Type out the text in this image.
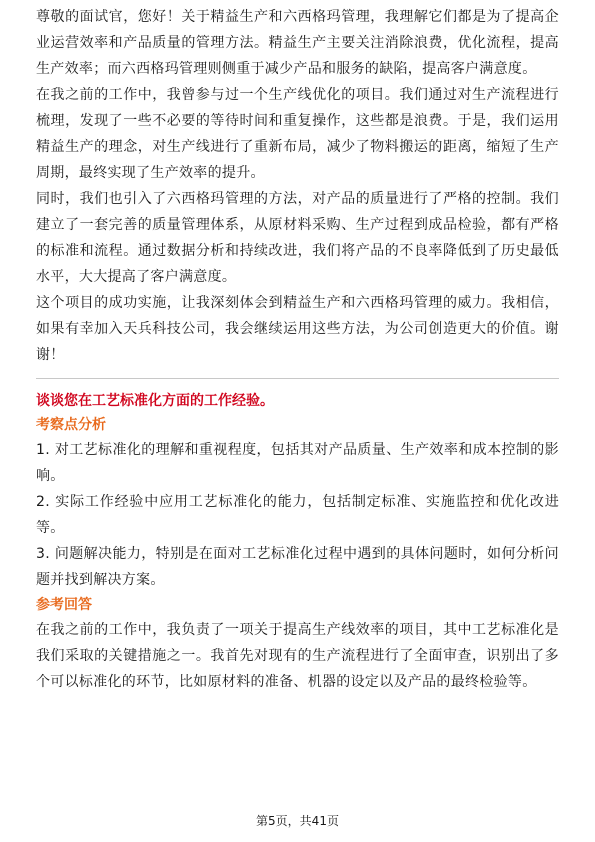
尊敬的面试官，您好！关于精益生产和六西格玛管理，我理解它们都是为了提高企业运营效率和产品质量的管理方法。精益生产主要关注消除浪费，优化流程，提高生产效率；而六西格玛管理则侧重于减少产品和服务的缺陷，提高客户满意度。

在我之前的工作中，我曾参与过一个生产线优化的项目。我们通过对生产流程进行梳理，发现了一些不必要的等待时间和重复操作，这些都是浪费。于是，我们运用精益生产的理念，对生产线进行了重新布局，减少了物料搬运的距离，缩短了生产周期，最终实现了生产效率的提升。

同时，我们也引入了六西格玛管理的方法，对产品的质量进行了严格的控制。我们建立了一套完善的质量管理体系，从原材料采购、生产过程到成品检验，都有严格的标准和流程。通过数据分析和持续改进，我们将产品的不良率降低到了历史最低水平，大大提高了客户满意度。

这个项目的成功实施，让我深刻体会到精益生产和六西格玛管理的威力。我相信，如果有幸加入天兵科技公司，我会继续运用这些方法，为公司创造更大的价值。谢谢！

谈谈您在工艺标准化方面的工作经验。

考察点分析

1. 对工艺标准化的理解和重视程度，包括其对产品质量、生产效率和成本控制的影响。

2. 实际工作经验中应用工艺标准化的能力，包括制定标准、实施监控和优化改进等。

3. 问题解决能力，特别是在面对工艺标准化过程中遇到的具体问题时，如何分析问题并找到解决方案。

参考回答

在我之前的工作中，我负责了一项关于提高生产线效率的项目，其中工艺标准化是我们采取的关键措施之一。我首先对现有的生产流程进行了全面审查，识别出了多个可以标准化的环节，比如原材料的准备、机器的设定以及产品的最终检验等。

第5页，共41页
